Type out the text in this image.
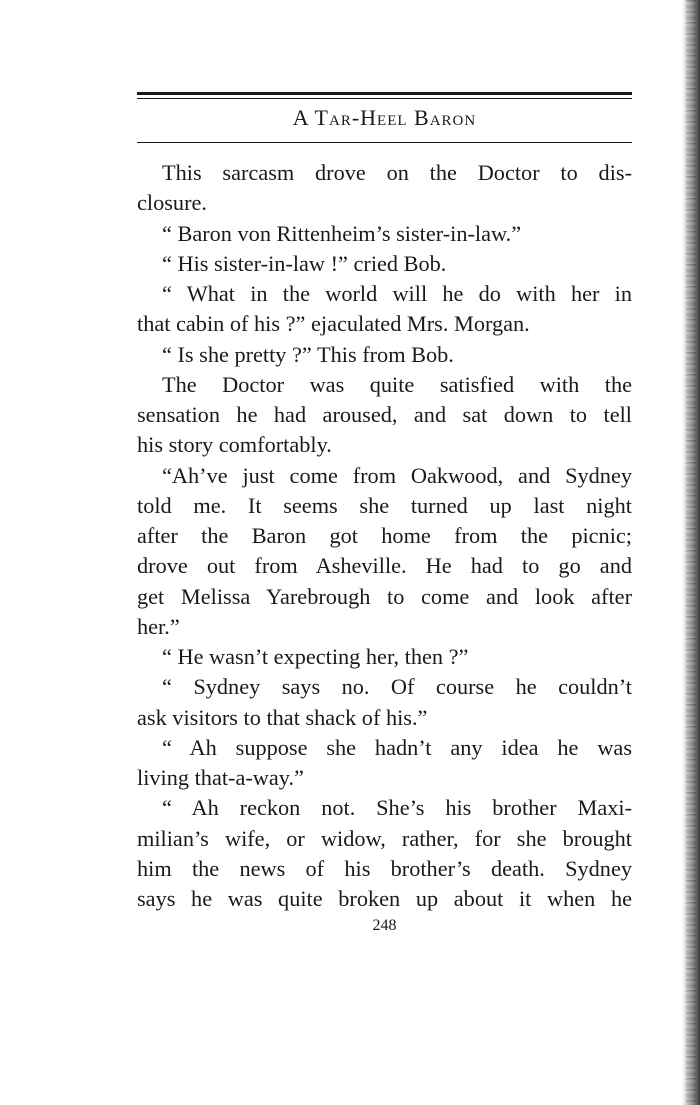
A Tar-Heel Baron
This sarcasm drove on the Doctor to dis-
closure.
“ Baron von Rittenheim’s sister-in-law.”
“ His sister-in-law !” cried Bob.
“ What in the world will he do with her in
that cabin of his ?” ejaculated Mrs. Morgan.
“ Is she pretty ?” This from Bob.
The Doctor was quite satisfied with the
sensation he had aroused, and sat down to tell
his story comfortably.
“Ah’ve just come from Oakwood, and Sydney
told me. It seems she turned up last night
after the Baron got home from the picnic;
drove out from Asheville. He had to go and
get Melissa Yarebrough to come and look after
her.”
“ He wasn’t expecting her, then ?”
“ Sydney says no. Of course he couldn’t
ask visitors to that shack of his.”
“ Ah suppose she hadn’t any idea he was
living that-a-way.”
“ Ah reckon not. She’s his brother Maxi-
milian’s wife, or widow, rather, for she brought
him the news of his brother’s death. Sydney
says he was quite broken up about it when he
248
